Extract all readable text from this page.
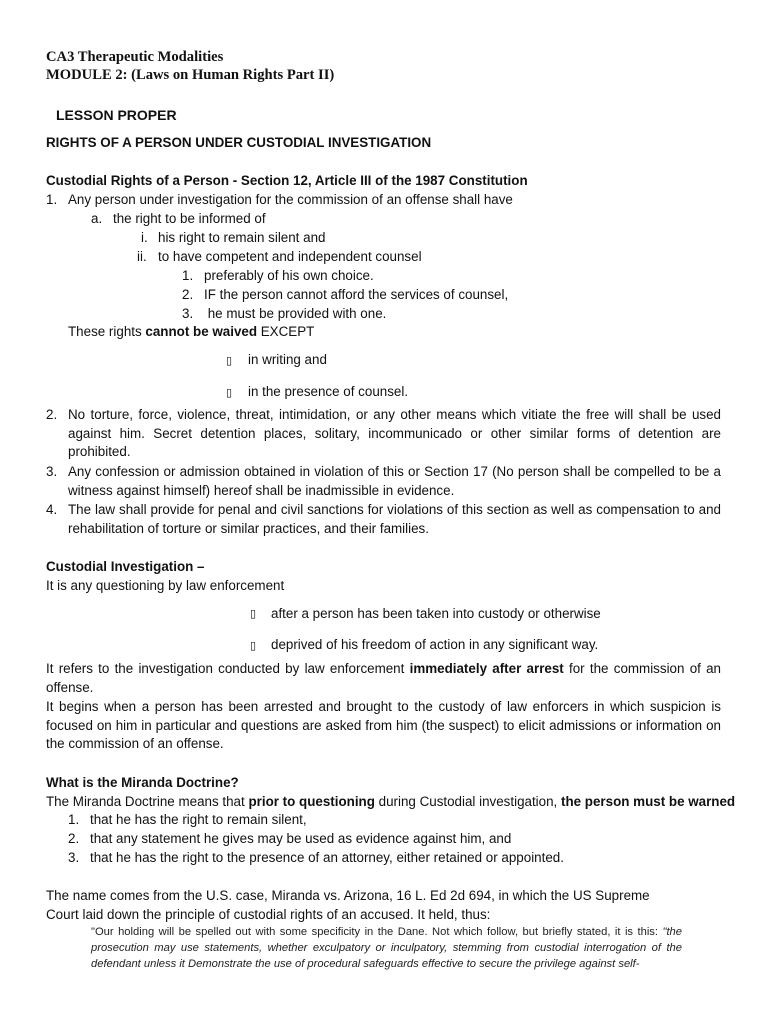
CA3 Therapeutic Modalities
MODULE 2: (Laws on Human Rights Part II)
LESSON PROPER
RIGHTS OF A PERSON UNDER CUSTODIAL INVESTIGATION
Custodial Rights of a Person - Section 12, Article III of the 1987 Constitution
1. Any person under investigation for the commission of an offense shall have
a. the right to be informed of
i. his right to remain silent and
ii. to have competent and independent counsel
1. preferably of his own choice.
2. IF the person cannot afford the services of counsel,
3. he must be provided with one.
These rights cannot be waived EXCEPT
▯ in writing and
▯ in the presence of counsel.
2. No torture, force, violence, threat, intimidation, or any other means which vitiate the free will shall be used against him. Secret detention places, solitary, incommunicado or other similar forms of detention are prohibited.
3. Any confession or admission obtained in violation of this or Section 17 (No person shall be compelled to be a witness against himself) hereof shall be inadmissible in evidence.
4. The law shall provide for penal and civil sanctions for violations of this section as well as compensation to and rehabilitation of torture or similar practices, and their families.
Custodial Investigation –
It is any questioning by law enforcement
▯ after a person has been taken into custody or otherwise
▯ deprived of his freedom of action in any significant way.
It refers to the investigation conducted by law enforcement immediately after arrest for the commission of an offense.
It begins when a person has been arrested and brought to the custody of law enforcers in which suspicion is focused on him in particular and questions are asked from him (the suspect) to elicit admissions or information on the commission of an offense.
What is the Miranda Doctrine?
The Miranda Doctrine means that prior to questioning during Custodial investigation, the person must be warned
1. that he has the right to remain silent,
2. that any statement he gives may be used as evidence against him, and
3. that he has the right to the presence of an attorney, either retained or appointed.
The name comes from the U.S. case, Miranda vs. Arizona, 16 L. Ed 2d 694, in which the US Supreme
Court laid down the principle of custodial rights of an accused. It held, thus:
"Our holding will be spelled out with some specificity in the Dane. Not which follow, but briefly stated, it is this: "the prosecution may use statements, whether exculpatory or inculpatory, stemming from custodial interrogation of the defendant unless it Demonstrate the use of procedural safeguards effective to secure the privilege against self-
